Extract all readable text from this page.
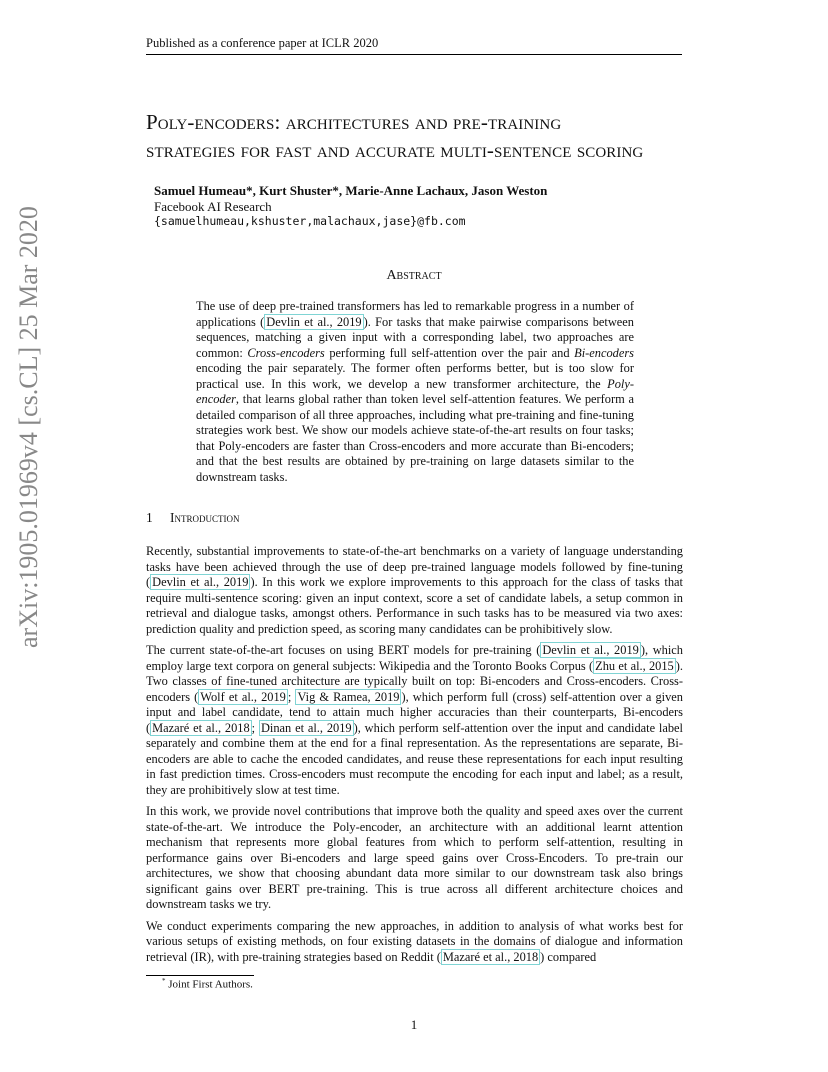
Published as a conference paper at ICLR 2020
arXiv:1905.01969v4 [cs.CL] 25 Mar 2020
Poly-encoders: architectures and pre-training
strategies for fast and accurate multi-sentence scoring
Samuel Humeau*, Kurt Shuster*, Marie-Anne Lachaux, Jason Weston
Facebook AI Research
{samuelhumeau,kshuster,malachaux,jase}@fb.com
Abstract
The use of deep pre-trained transformers has led to remarkable progress in a number of applications ( Devlin et al., 2019 ). For tasks that make pairwise comparisons between sequences, matching a given input with a corresponding label, two approaches are common: Cross-encoders performing full self-attention over the pair and Bi-encoders encoding the pair separately. The former often performs better, but is too slow for practical use. In this work, we develop a new transformer architecture, the Poly-encoder, that learns global rather than token level self-attention features. We perform a detailed comparison of all three approaches, including what pre-training and fine-tuning strategies work best. We show our models achieve state-of-the-art results on four tasks; that Poly-encoders are faster than Cross-encoders and more accurate than Bi-encoders; and that the best results are obtained by pre-training on large datasets similar to the downstream tasks.
1 Introduction

Recently, substantial improvements to state-of-the-art benchmarks on a variety of language understanding tasks have been achieved through the use of deep pre-trained language models followed by fine-tuning ( Devlin et al., 2019 ). In this work we explore improvements to this approach for the class of tasks that require multi-sentence scoring: given an input context, score a set of candidate labels, a setup common in retrieval and dialogue tasks, amongst others. Performance in such tasks has to be measured via two axes: prediction quality and prediction speed, as scoring many candidates can be prohibitively slow.

The current state-of-the-art focuses on using BERT models for pre-training ( Devlin et al., 2019 ), which employ large text corpora on general subjects: Wikipedia and the Toronto Books Corpus ( Zhu et al., 2015 ). Two classes of fine-tuned architecture are typically built on top: Bi-encoders and Cross-encoders. Cross-encoders ( Wolf et al., 2019 ; Vig & Ramea, 2019 ), which perform full (cross) self-attention over a given input and label candidate, tend to attain much higher accuracies than their counterparts, Bi-encoders ( Mazaré et al., 2018 ; Dinan et al., 2019 ), which perform self-attention over the input and candidate label separately and combine them at the end for a final representation. As the representations are separate, Bi-encoders are able to cache the encoded candidates, and reuse these representations for each input resulting in fast prediction times. Cross-encoders must recompute the encoding for each input and label; as a result, they are prohibitively slow at test time.

In this work, we provide novel contributions that improve both the quality and speed axes over the current state-of-the-art. We introduce the Poly-encoder, an architecture with an additional learnt attention mechanism that represents more global features from which to perform self-attention, resulting in performance gains over Bi-encoders and large speed gains over Cross-Encoders. To pre-train our architectures, we show that choosing abundant data more similar to our downstream task also brings significant gains over BERT pre-training. This is true across all different architecture choices and downstream tasks we try.

We conduct experiments comparing the new approaches, in addition to analysis of what works best for various setups of existing methods, on four existing datasets in the domains of dialogue and information retrieval (IR), with pre-training strategies based on Reddit ( Mazaré et al., 2018 ) compared

* Joint First Authors.
1
